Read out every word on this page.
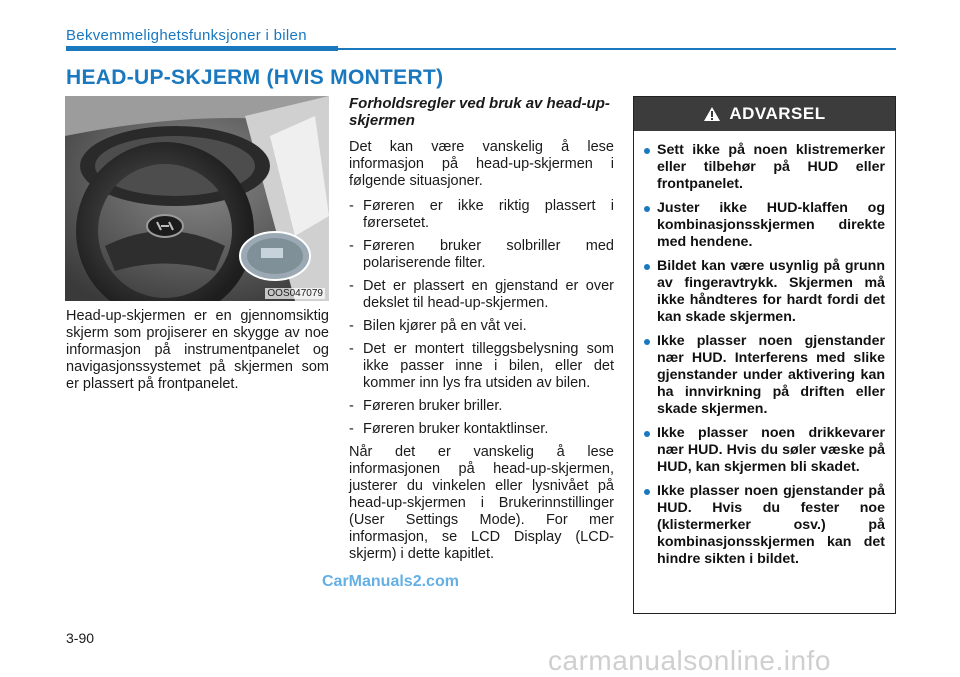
Bekvemmelighetsfunksjoner i bilen
HEAD-UP-SKJERM (HVIS MONTERT)
OOS047079
Head-up-skjermen er en gjennomsiktig skjerm som projiserer en skygge av noe informasjon på instrumentpanelet og navigasjonssystemet på skjermen som er plassert på frontpanelet.
Forholdsregler ved bruk av head-up-skjermen

Det kan være vanskelig å lese informasjon på head-up-skjermen i følgende situasjoner.

- Føreren er ikke riktig plassert i førersetet.
- Føreren bruker solbriller med polariserende filter.
- Det er plassert en gjenstand er over dekslet til head-up-skjermen.
- Bilen kjører på en våt vei.
- Det er montert tilleggsbelysning som ikke passer inne i bilen, eller det kommer inn lys fra utsiden av bilen.
- Føreren bruker briller.
- Føreren bruker kontaktlinser.

Når det er vanskelig å lese informasjonen på head-up-skjermen, justerer du vinkelen eller lysnivået på head-up-skjermen i Brukerinnstillinger (User Settings Mode). For mer informasjon, se LCD Display (LCD-skjerm) i dette kapitlet.

ADVARSEL
Sett ikke på noen klistremerker eller tilbehør på HUD eller frontpanelet.
Juster ikke HUD-klaffen og kombinasjonsskjermen direkte med hendene.
Bildet kan være usynlig på grunn av fingeravtrykk. Skjermen må ikke håndteres for hardt fordi det kan skade skjermen.
Ikke plasser noen gjenstander nær HUD. Interferens med slike gjenstander under aktivering kan ha innvirkning på driften eller skade skjermen.
Ikke plasser noen drikkevarer nær HUD. Hvis du søler væske på HUD, kan skjermen bli skadet.
Ikke plasser noen gjenstander på HUD. Hvis du fester noe (klistermerker osv.) på kombinasjonsskjermen kan det hindre sikten i bildet.
CarManuals2.com
3-90
carmanualsonline.info
